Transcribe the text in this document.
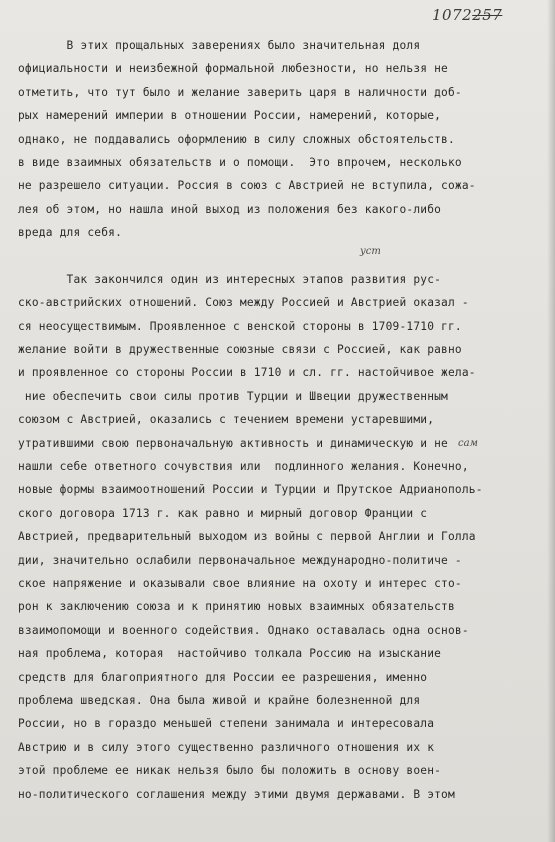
1072257
уст
сам
В этих прощальных заверениях было значительная доля
официальности и неизбежной формальной любезности, но нельзя не
отметить, что тут было и желание заверить царя в наличности доб-
рых намерений империи в отношении России, намерений, которые,
однако, не поддавались оформлению в силу сложных обстоятельств.
в виде взаимных обязательств и о помощи.  Это впрочем, несколько
не разрешело ситуации. Россия в союз с Австрией не вступила, сожа-
лея об этом, но нашла иной выход из положения без какого-либо
вреда для себя.
Так закончился один из интересных этапов развития рус-
ско-австрийских отношений. Союз между Россией и Австрией оказал -
ся неосуществимым. Проявленное с венской стороны в 1709-1710 гг.
желание войти в дружественные союзные связи с Россией, как равно
и проявленное со стороны России в 1710 и сл. гг. настойчивое жела-
ние обеспечить свои силы против Турции и Швеции дружественным
союзом с Австрией, оказались с течением времени устаревшими,
утратившими свою первоначальную активность и динамическую и не
нашли себе ответного сочувствия или  подлинного желания. Конечно,
новые формы взаимоотношений России и Турции и Прутское Адрианополь-
ского договора 1713 г. как равно и мирный договор Франции с
Австрией, предварительный выходом из войны с первой Англии и Голла
дии, значительно ослабили первоначальное международно-политиче -
ское напряжение и оказывали свое влияние на охоту и интерес сто-
рон к заключению союза и к принятию новых взаимных обязательств
взаимопомощи и военного содействия. Однако оставалась одна основ-
ная проблема, которая  настойчиво толкала Россию на изыскание
средств для благоприятного для России ее разрешения, именно
проблема шведская. Она была живой и крайне болезненной для
России, но в гораздо меньшей степени занимала и интересовала
Австрию и в силу этого существенно различного отношения их к
этой проблеме ее никак нельзя было бы положить в основу воен-
но-политического соглашения между этими двумя державами. В этом
